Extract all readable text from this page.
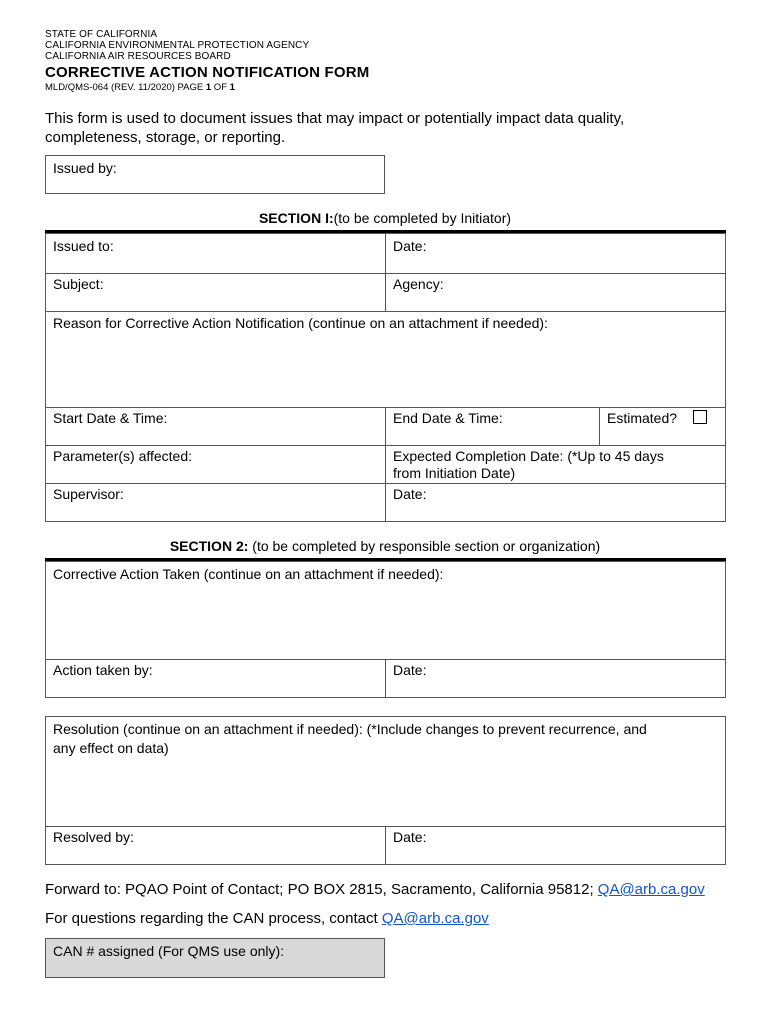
STATE OF CALIFORNIA
CALIFORNIA ENVIRONMENTAL PROTECTION AGENCY
CALIFORNIA AIR RESOURCES BOARD
CORRECTIVE ACTION NOTIFICATION FORM
MLD/QMS-064 (REV. 11/2020) PAGE 1 OF 1
This form is used to document issues that may impact or potentially impact data quality,
completeness, storage, or reporting.
Issued by:
SECTION I:(to be completed by Initiator)
Issued to:	Date:
Subject:	Agency:
Reason for Corrective Action Notification (continue on an attachment if needed):
Start Date & Time:	End Date & Time:	Estimated?
Parameter(s) affected:	Expected Completion Date: (*Up to 45 days
from Initiation Date)
Supervisor:	Date:
SECTION 2: (to be completed by responsible section or organization)
Corrective Action Taken (continue on an attachment if needed):
Action taken by:	Date:
Resolution (continue on an attachment if needed): (*Include changes to prevent recurrence, and
any effect on data)
Resolved by:	Date:
Forward to: PQAO Point of Contact; PO BOX 2815, Sacramento, California 95812; QA@arb.ca.gov
For questions regarding the CAN process, contact QA@arb.ca.gov
CAN # assigned (For QMS use only):
